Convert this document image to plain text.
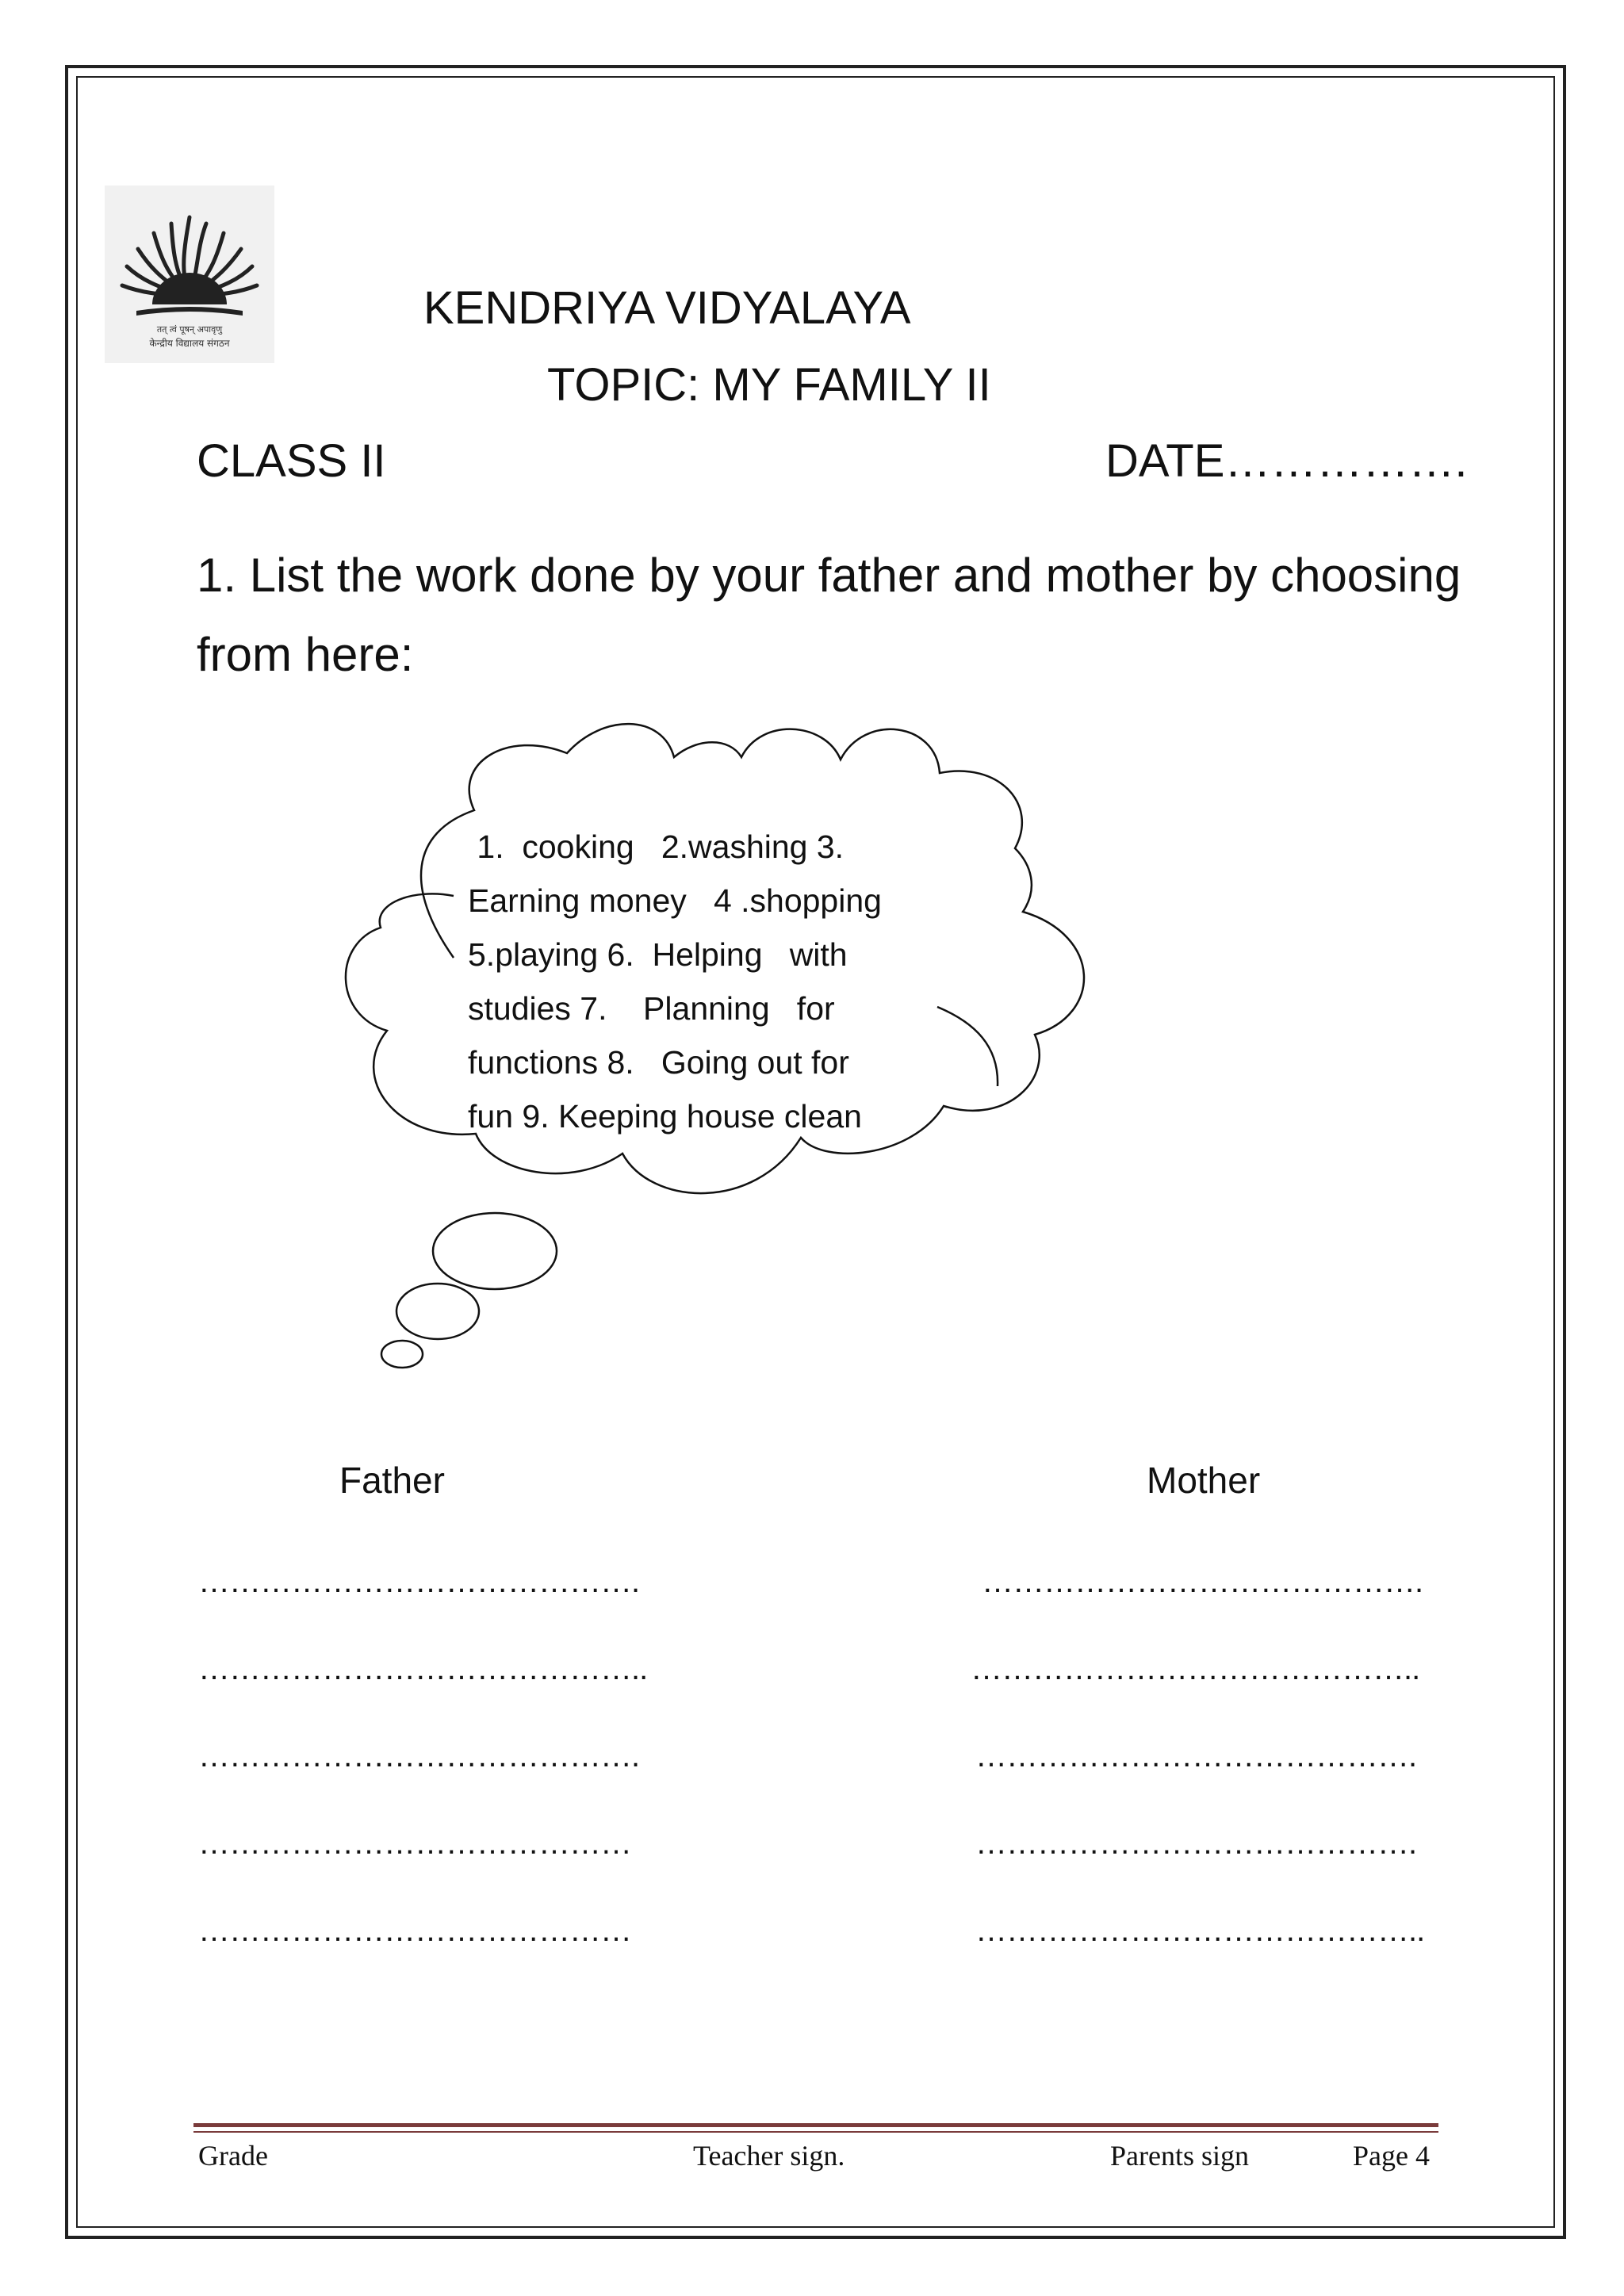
तत् त्वं पूषन् अपावृणु
केन्द्रीय विद्यालय संगठन
KENDRIYA VIDYALAYA
TOPIC: MY FAMILY II
CLASS II	DATE…………….
1. List the work done by your father and mother by choosing from here:
1.  cooking   2.washing 3.
Earning money   4 .shopping
5.playing 6.  Helping   with
studies 7.    Planning   for
functions 8.   Going out for
fun 9. Keeping house clean
Father	Mother
…………………………………….
……………………………………..
…………………………………….
……………………………………
……………………………………
…………………………………….
……………………………………..
…………………………………….
…………………………………….
……………………………………..
Grade	Teacher sign.	Parents sign	Page 4
